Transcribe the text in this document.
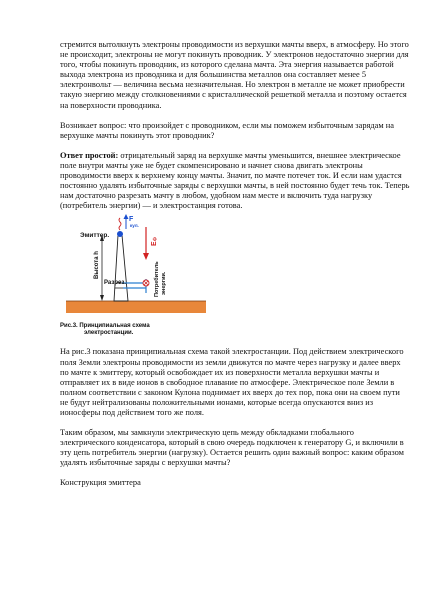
стремится вытолкнуть электроны проводимости из верхушки мачты вверх, в атмосферу. Но этого не происходит, электроны не могут покинуть проводник. У электронов недостаточно энергии для того, чтобы покинуть проводник, из которого сделана мачта. Эта энергия называется работой выхода электрона из проводника и для большинства металлов она составляет менее 5 электронвольт — величина весьма незначительная. Но электрон в металле не может приобрести такую энергию между столкновениями с кристаллической решеткой металла и поэтому остается на поверхности проводника.

Возникает вопрос: что произойдет с проводником, если мы поможем избыточным зарядам на верхушке мачты покинуть этот проводник?

Ответ простой: отрицательный заряд на верхушке мачты уменьшится, внешнее электрическое поле внутри мачты уже не будет скомпенсировано и начнет снова двигать электроны проводимости вверх к верхнему концу мачты. Значит, по мачте потечет ток. И если нам удастся постоянно удалять избыточные заряды с верхушки мачты, в ней постоянно будет течь ток. Теперь нам достаточно разрезать мачту в любом, удобном нам месте и включить туда нагрузку (потребитель энергии) — и электростанция готова.

Эмиттер.
F
кул.
E
ф
Высота h
Разрез.	Потребитель энергии.
Рис.3. Принципиальная схема
электростанции.

На рис.3 показана принципиальная схема такой электростанции. Под действием электрического поля Земли электроны проводимости из земли движутся по мачте через нагрузку и далее вверх по мачте к эмиттеру, который освобождает их из поверхности металла верхушки мачты и отправляет их в виде ионов в свободное плавание по атмосфере. Электрическое поле Земли в полном соответствии с законом Кулона поднимает их вверх до тех пор, пока они на своем пути не будут нейтрализованы положительными ионами, которые всегда опускаются вниз из ионосферы под действием того же поля.

Таким образом, мы замкнули электрическую цепь между обкладками глобального электрического конденсатора, который в свою очередь подключен к генератору G, и включили в эту цепь потребитель энергии (нагрузку). Остается решить один важный вопрос: каким образом удалять избыточные заряды с верхушки мачты?

Конструкция эмиттера
